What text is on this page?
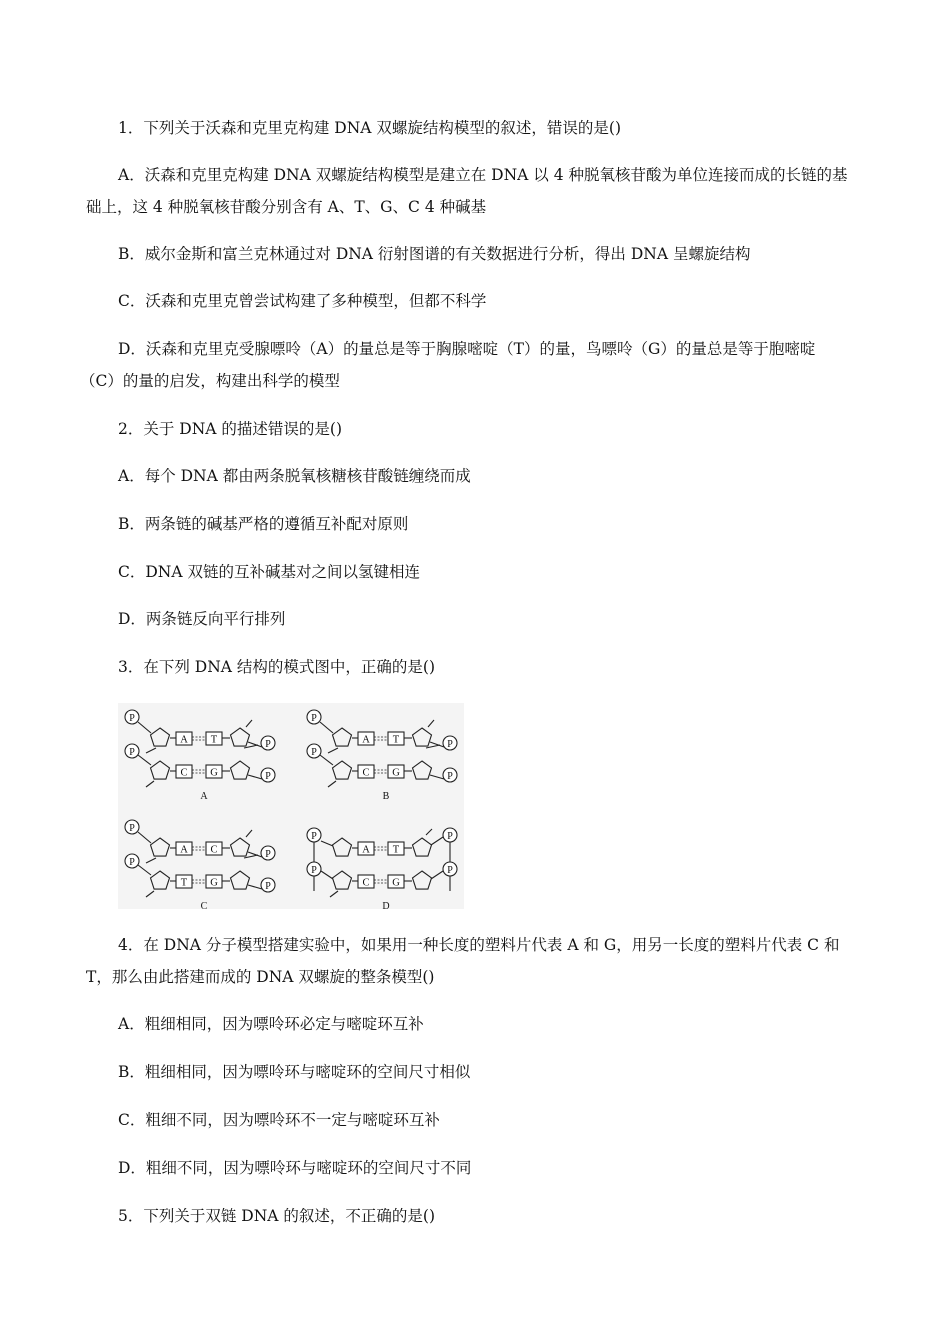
1．下列关于沃森和克里克构建 DNA 双螺旋结构模型的叙述，错误的是()
A．沃森和克里克构建 DNA 双螺旋结构模型是建立在 DNA 以 4 种脱氧核苷酸为单位连接而成的长链的基
础上，这 4 种脱氧核苷酸分别含有 A、T、G、C 4 种碱基
B．威尔金斯和富兰克林通过对 DNA 衍射图谱的有关数据进行分析，得出 DNA 呈螺旋结构
C．沃森和克里克曾尝试构建了多种模型，但都不科学
D．沃森和克里克受腺嘌呤（A）的量总是等于胸腺嘧啶（T）的量，鸟嘌呤（G）的量总是等于胞嘧啶
（C）的量的启发，构建出科学的模型
2．关于 DNA 的描述错误的是()
A．每个 DNA 都由两条脱氧核糖核苷酸链缠绕而成
B．两条链的碱基严格的遵循互补配对原则
C．DNA 双链的互补碱基对之间以氢键相连
D．两条链反向平行排列
3．在下列 DNA 结构的模式图中，正确的是()
A T
C G
P
P
P
P
A
A T
C G
P
P
P
P
B
A C
T G
P
P
P
P
C
A T
C G
P
P
P
P
D
4．在 DNA 分子模型搭建实验中，如果用一种长度的塑料片代表 A 和 G，用另一长度的塑料片代表 C 和
T，那么由此搭建而成的 DNA 双螺旋的整条模型()
A．粗细相同，因为嘌呤环必定与嘧啶环互补
B．粗细相同，因为嘌呤环与嘧啶环的空间尺寸相似
C．粗细不同，因为嘌呤环不一定与嘧啶环互补
D．粗细不同，因为嘌呤环与嘧啶环的空间尺寸不同
5．下列关于双链 DNA 的叙述，不正确的是()
